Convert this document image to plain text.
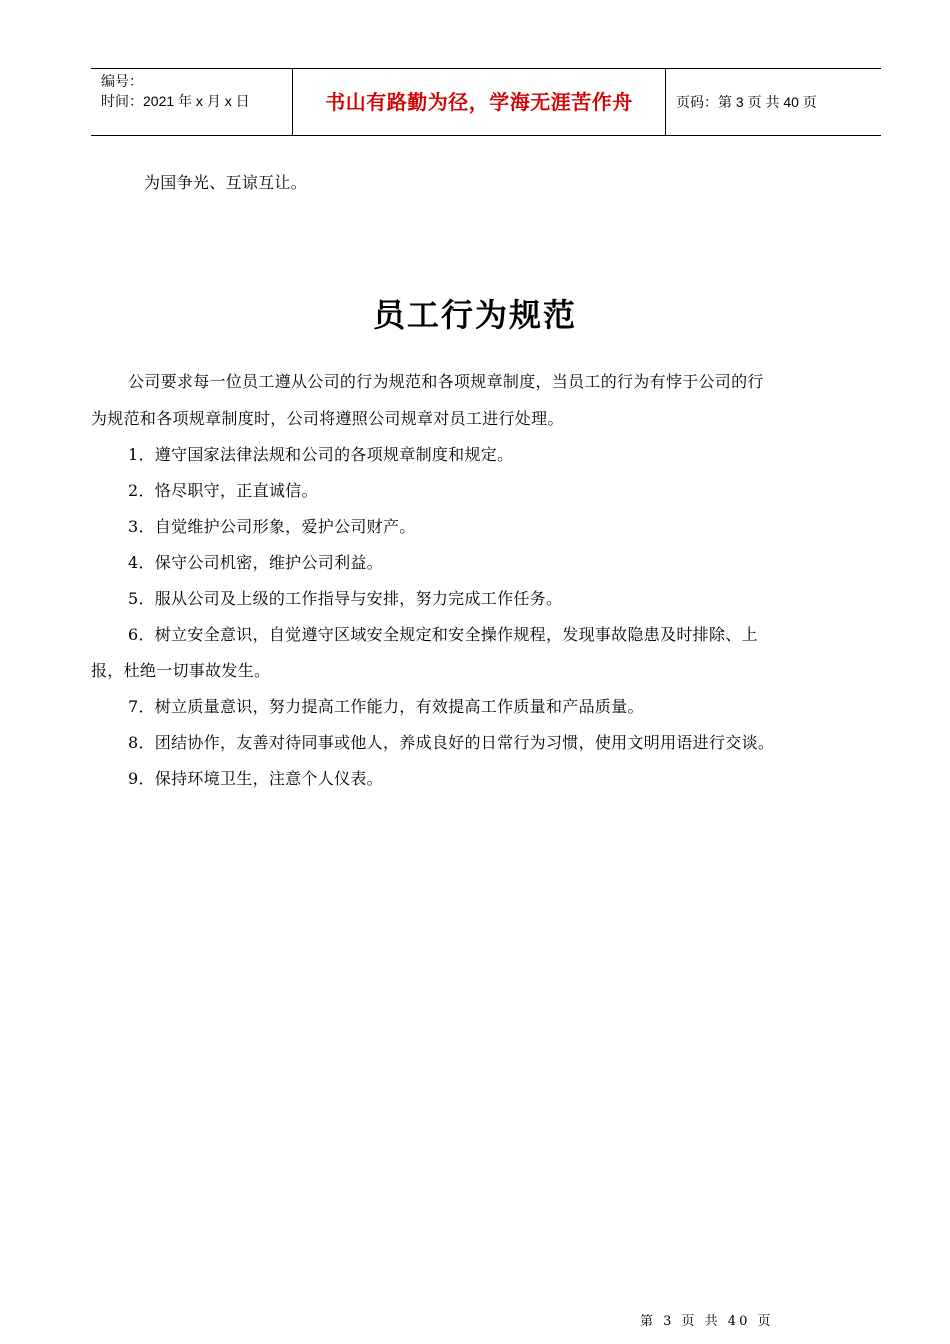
编号：
时间：2021 年 x 月 x 日	书山有路勤为径，学海无涯苦作舟	页码：第 3 页 共 40 页
为国争光、互谅互让。
员工行为规范
公司要求每一位员工遵从公司的行为规范和各项规章制度，当员工的行为有悖于公司的行
为规范和各项规章制度时，公司将遵照公司规章对员工进行处理。
1．遵守国家法律法规和公司的各项规章制度和规定。
2．恪尽职守，正直诚信。
3．自觉维护公司形象，爱护公司财产。
4．保守公司机密，维护公司利益。
5．服从公司及上级的工作指导与安排，努力完成工作任务。
6．树立安全意识，自觉遵守区域安全规定和安全操作规程，发现事故隐患及时排除、上
报，杜绝一切事故发生。
7．树立质量意识，努力提高工作能力，有效提高工作质量和产品质量。
8．团结协作，友善对待同事或他人，养成良好的日常行为习惯，使用文明用语进行交谈。
9．保持环境卫生，注意个人仪表。
第 3 页 共 40 页
